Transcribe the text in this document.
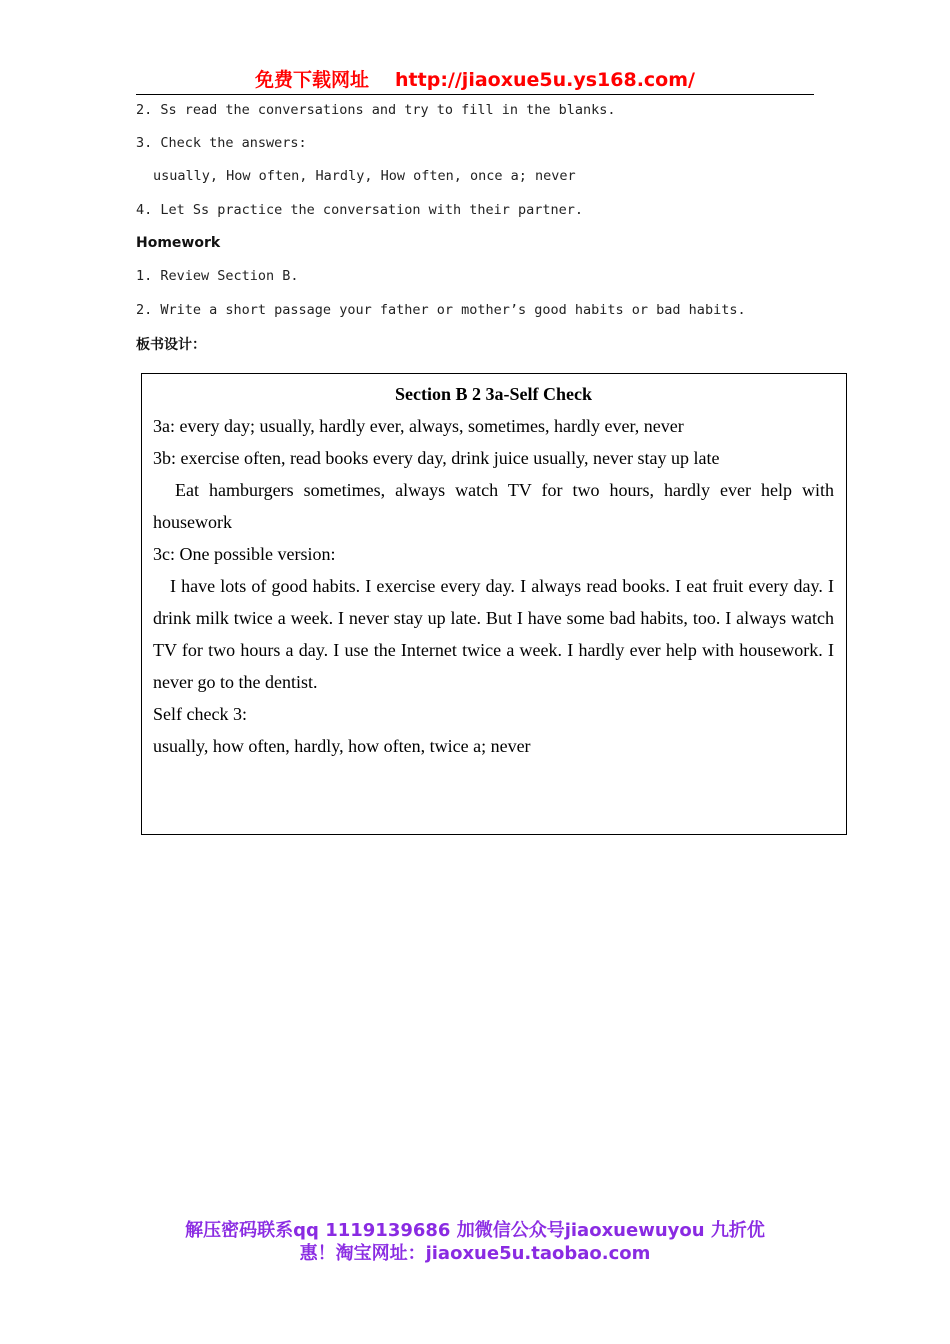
免费下载网址 http://jiaoxue5u.ys168.com/
2. Ss read the conversations and try to fill in the blanks.
3. Check the answers:
usually, How often, Hardly, How often, once a; never
4. Let Ss practice the conversation with their partner.
Homework
1. Review Section B.
2. Write a short passage your father or mother’s good habits or bad habits.
板书设计：

Section B 2 3a-Self Check

3a: every day; usually, hardly ever, always, sometimes, hardly ever, never

3b: exercise often, read books every day, drink juice usually, never stay up late

Eat hamburgers sometimes, always watch TV for two hours, hardly ever help with housework

3c: One possible version:

I have lots of good habits. I exercise every day. I always read books. I eat fruit every day. I drink milk twice a week. I never stay up late. But I have some bad habits, too. I always watch TV for two hours a day. I use the Internet twice a week. I hardly ever help with housework. I never go to the dentist.

Self check 3:

usually, how often, hardly, how often, twice a; never

解压密码联系qq 1119139686 加微信公众号jiaoxuewuyou 九折优
惠！淘宝网址：jiaoxue5u.taobao.com
